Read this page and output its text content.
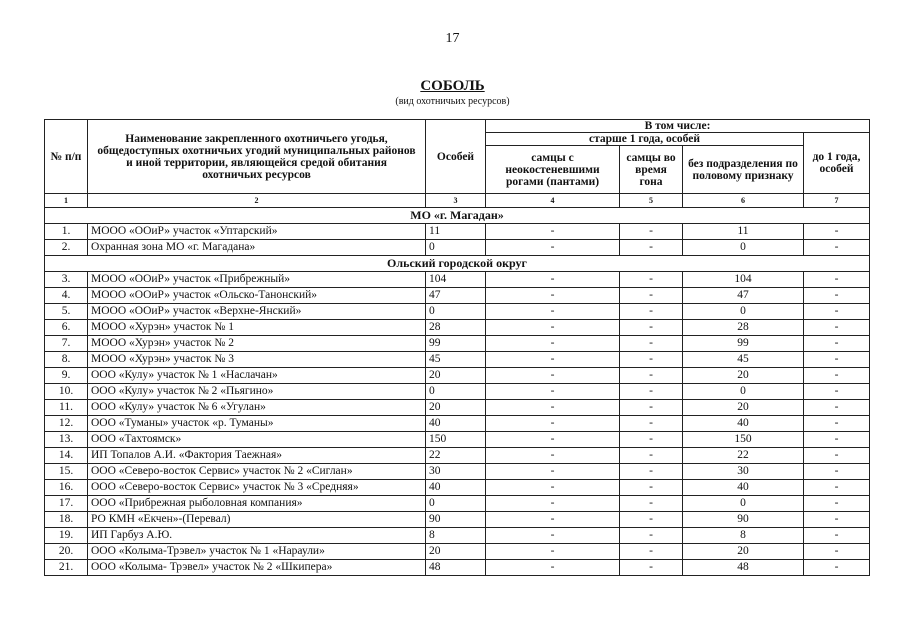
17
СОБОЛЬ
(вид охотничьих ресурсов)
№ п/п	Наименование закрепленного охотничьего угодья, общедоступных охотничьих угодий муниципальных районов и иной территории, являющейся средой обитания охотничьих ресурсов	Особей	В том числе:			
			старше 1 года, особей			до 1 года, особей
			самцы с неокостеневшими рогами (пантами)	самцы во время гона	без подразделения по половому признаку	
1	2	3	4	5	6	7
МО «г. Магадан»						
1.	МООО «ООиР» участок «Уптарский»	11	-	-	11	-
2.	Охранная зона МО «г. Магадана»	0	-	-	0	-
Ольский городской округ						
3.	МООО «ООиР» участок «Прибрежный»	104	-	-	104	-
4.	МООО «ООиР» участок «Ольско-Танонский»	47	-	-	47	-
5.	МООО «ООиР» участок «Верхне-Янский»	0	-	-	0	-
6.	МООО «Хурэн» участок № 1	28	-	-	28	-
7.	МООО «Хурэн» участок № 2	99	-	-	99	-
8.	МООО «Хурэн» участок № 3	45	-	-	45	-
9.	ООО «Кулу» участок № 1 «Наслачан»	20	-	-	20	-
10.	ООО «Кулу» участок № 2 «Пьягино»	0	-	-	0	-
11.	ООО «Кулу» участок № 6 «Угулан»	20	-	-	20	-
12.	ООО «Туманы» участок «р. Туманы»	40	-	-	40	-
13.	ООО «Тахтоямск»	150	-	-	150	-
14.	ИП Топалов А.И. «Фактория Таежная»	22	-	-	22	-
15.	ООО «Северо-восток Сервис» участок № 2 «Сиглан»	30	-	-	30	-
16.	ООО «Северо-восток Сервис» участок № 3 «Средняя»	40	-	-	40	-
17.	ООО «Прибрежная рыболовная компания»	0	-	-	0	-
18.	РО КМН «Екчен»-(Перевал)	90	-	-	90	-
19.	ИП Гарбуз А.Ю.	8	-	-	8	-
20.	ООО «Колыма-Трэвел» участок № 1 «Нараули»	20	-	-	20	-
21.	ООО «Колыма- Трэвел» участок № 2 «Шкипера»	48	-	-	48	-
